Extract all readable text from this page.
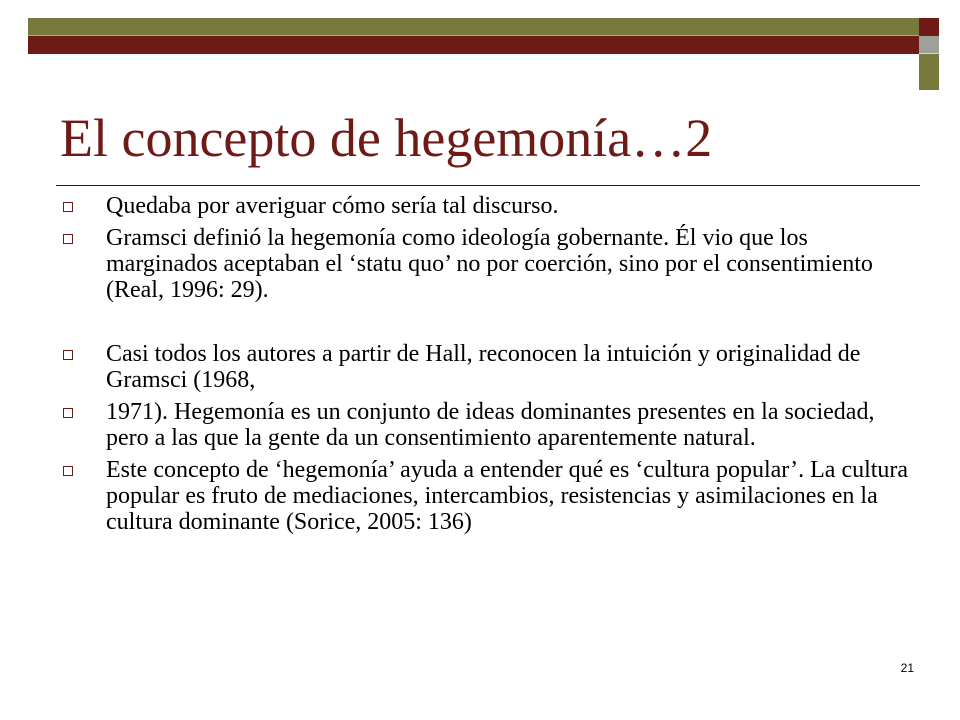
El concepto de hegemonía…2
Quedaba por averiguar cómo sería tal discurso.
Gramsci definió la hegemonía como ideología gobernante. Él vio que los marginados aceptaban el ‘statu quo’ no por coerción, sino por el consentimiento (Real, 1996: 29).
Casi todos los autores a partir de Hall, reconocen la intuición y originalidad de Gramsci (1968,
1971). Hegemonía es un conjunto de ideas dominantes presentes en la sociedad, pero a las que la gente da un consentimiento aparentemente natural.
Este concepto de ‘hegemonía’ ayuda a entender qué es ‘cultura popular’. La cultura popular es fruto de mediaciones, intercambios, resistencias y asimilaciones en la cultura dominante (Sorice, 2005: 136)
21
